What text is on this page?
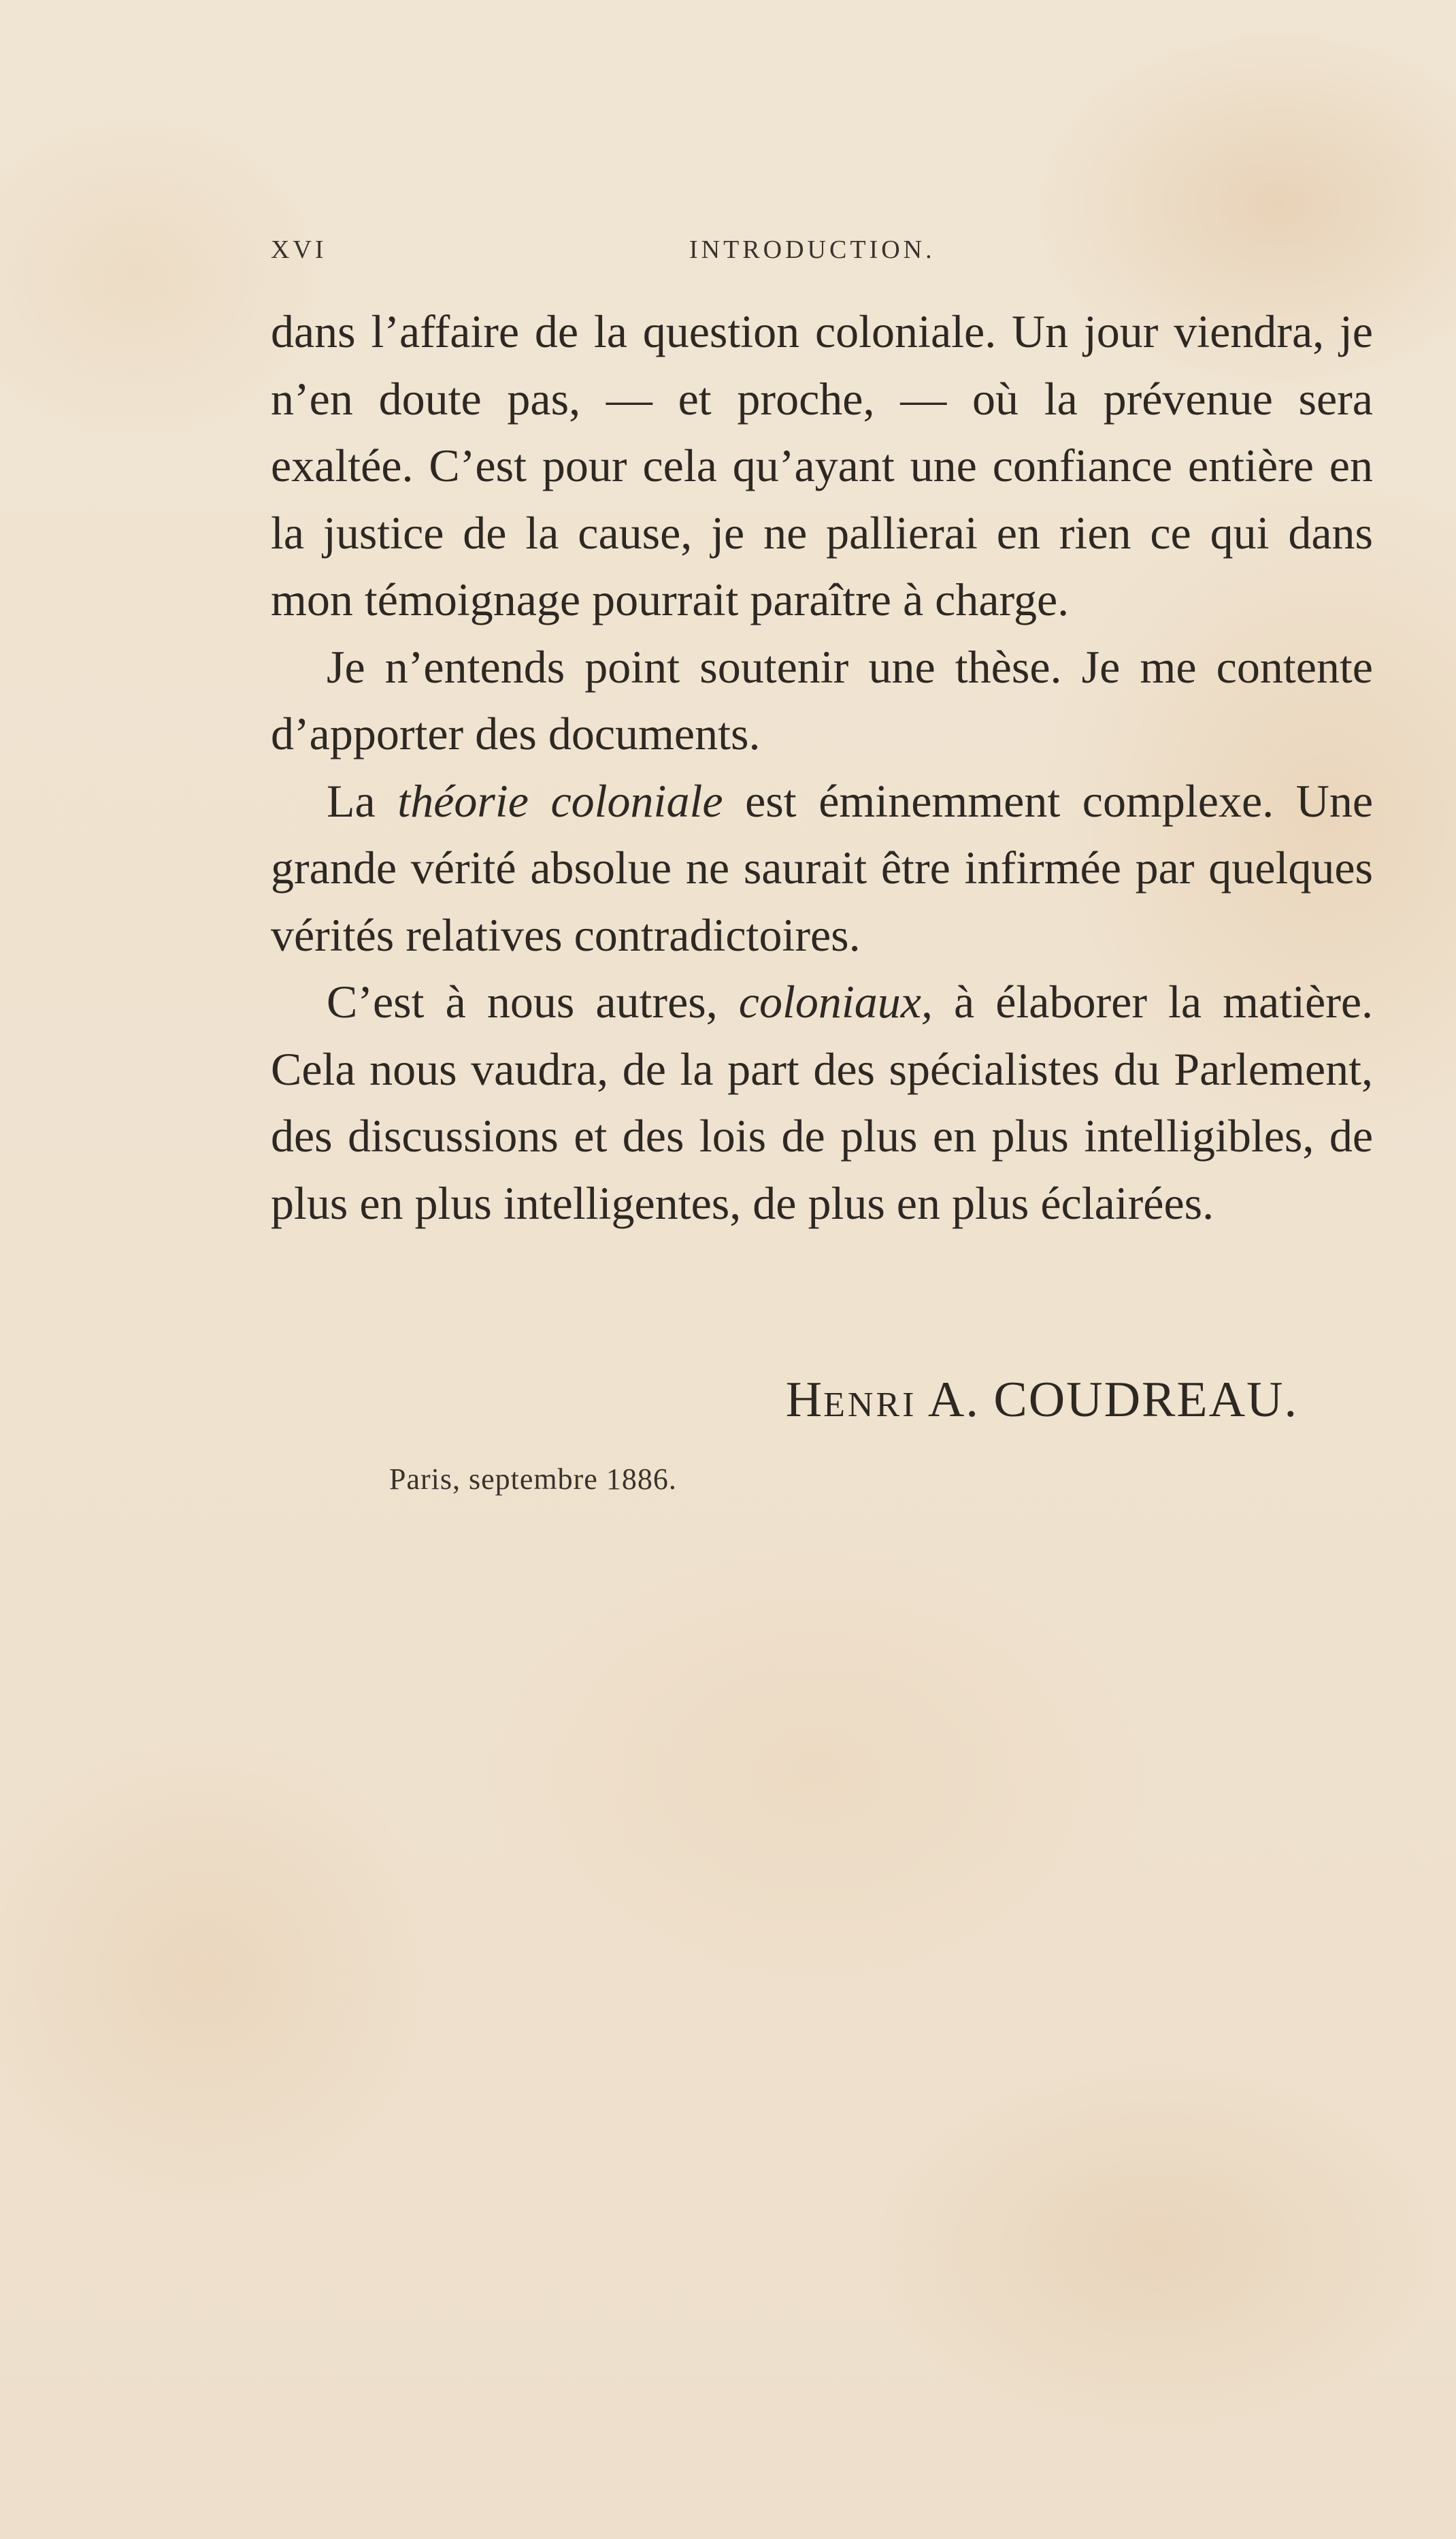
XVI	INTRODUCTION.

dans l’affaire de la question coloniale. Un jour viendra, je n’en doute pas, — et proche, — où la prévenue sera exaltée. C’est pour cela qu’ayant une confiance entière en la justice de la cause, je ne pallierai en rien ce qui dans mon témoignage pourrait paraître à charge.

Je n’entends point soutenir une thèse. Je me contente d’apporter des documents.

La théorie coloniale est éminemment complexe. Une grande vérité absolue ne saurait être infirmée par quelques vérités relatives contradictoires.

C’est à nous autres, coloniaux, à élaborer la matière. Cela nous vaudra, de la part des spécialistes du Parlement, des discussions et des lois de plus en plus intelligibles, de plus en plus intelligentes, de plus en plus éclairées.

HENRI A. COUDREAU.
Paris, septembre 1886.
